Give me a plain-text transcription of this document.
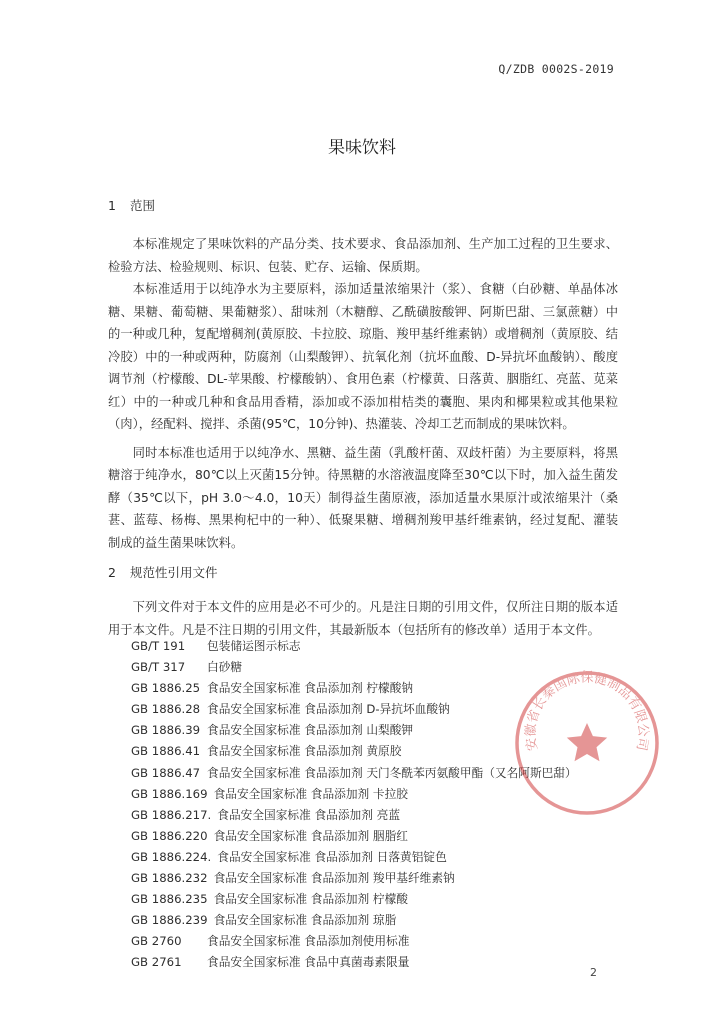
Q/ZDB 0002S-2019
果味饮料
1 范围

本标准规定了果味饮料的产品分类、技术要求、食品添加剂、生产加工过程的卫生要求、检验方法、检验规则、标识、包装、贮存、运输、保质期。

本标准适用于以纯净水为主要原料，添加适量浓缩果汁（浆）、食糖（白砂糖、单晶体冰糖、果糖、葡萄糖、果葡糖浆）、甜味剂（木糖醇、乙酰磺胺酸钾、阿斯巴甜、三氯蔗糖）中的一种或几种，复配增稠剂(黄原胶、卡拉胶、琼脂、羧甲基纤维素钠）或增稠剂（黄原胶、结冷胶）中的一种或两种，防腐剂（山梨酸钾）、抗氧化剂（抗坏血酸、D-异抗坏血酸钠）、酸度调节剂（柠檬酸、DL-苹果酸、柠檬酸钠）、食用色素（柠檬黄、日落黄、胭脂红、亮蓝、苋菜红）中的一种或几种和食品用香精，添加或不添加柑桔类的囊胞、果肉和椰果粒或其他果粒（肉），经配料、搅拌、杀菌(95℃，10分钟)、热灌装、冷却工艺而制成的果味饮料。

同时本标准也适用于以纯净水、黑糖、益生菌（乳酸杆菌、双歧杆菌）为主要原料，将黑糖溶于纯净水，80℃以上灭菌15分钟。待黑糖的水溶液温度降至30℃以下时，加入益生菌发酵（35℃以下，pH 3.0～4.0，10天）制得益生菌原液，添加适量水果原汁或浓缩果汁（桑葚、蓝莓、杨梅、黑果枸杞中的一种）、低聚果糖、增稠剂羧甲基纤维素钠，经过复配、灌装制成的益生菌果味饮料。

2 规范性引用文件

下列文件对于本文件的应用是必不可少的。凡是注日期的引用文件，仅所注日期的版本适用于本文件。凡是不注日期的引用文件，其最新版本（包括所有的修改单）适用于本文件。

GB/T 191 包装储运图示标志
GB/T 317 白砂糖
GB 1886.25 食品安全国家标准 食品添加剂 柠檬酸钠
GB 1886.28 食品安全国家标准 食品添加剂 D-异抗坏血酸钠
GB 1886.39 食品安全国家标准 食品添加剂 山梨酸钾
GB 1886.41 食品安全国家标准 食品添加剂 黄原胶
GB 1886.47 食品安全国家标准 食品添加剂 天门冬酰苯丙氨酸甲酯（又名阿斯巴甜）
GB 1886.169 食品安全国家标准 食品添加剂 卡拉胶
GB 1886.217. 食品安全国家标准 食品添加剂 亮蓝
GB 1886.220 食品安全国家标准 食品添加剂 胭脂红
GB 1886.224. 食品安全国家标准 食品添加剂 日落黄铝锭色
GB 1886.232 食品安全国家标准 食品添加剂 羧甲基纤维素钠
GB 1886.235 食品安全国家标准 食品添加剂 柠檬酸
GB 1886.239 食品安全国家标准 食品添加剂 琼脂
GB 2760 食品安全国家标准 食品添加剂使用标准
GB 2761 食品安全国家标准 食品中真菌毒素限量
安徽省长秦国际保健制品有限公司
2
